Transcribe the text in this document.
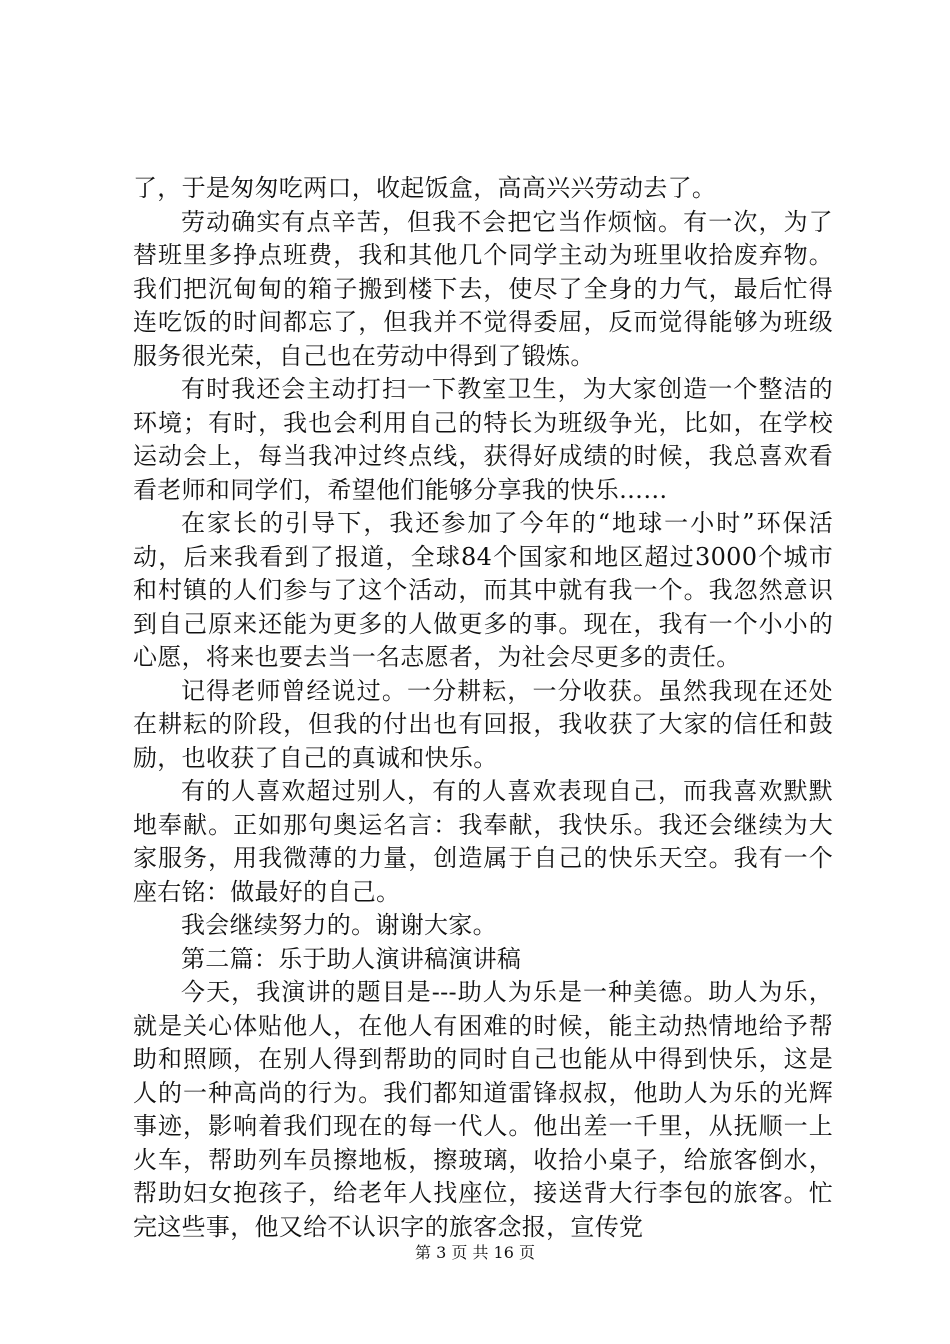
了，于是匆匆吃两口，收起饭盒，高高兴兴劳动去了。

劳动确实有点辛苦，但我不会把它当作烦恼。有一次，为了替班里多挣点班费，我和其他几个同学主动为班里收拾废弃物。我们把沉甸甸的箱子搬到楼下去，使尽了全身的力气，最后忙得连吃饭的时间都忘了，但我并不觉得委屈，反而觉得能够为班级服务很光荣，自己也在劳动中得到了锻炼。

有时我还会主动打扫一下教室卫生，为大家创造一个整洁的环境；有时，我也会利用自己的特长为班级争光，比如，在学校运动会上，每当我冲过终点线，获得好成绩的时候，我总喜欢看看老师和同学们，希望他们能够分享我的快乐……

在家长的引导下，我还参加了今年的“地球一小时”环保活动，后来我看到了报道，全球84个国家和地区超过3000个城市和村镇的人们参与了这个活动，而其中就有我一个。我忽然意识到自己原来还能为更多的人做更多的事。现在，我有一个小小的心愿，将来也要去当一名志愿者，为社会尽更多的责任。

记得老师曾经说过。一分耕耘，一分收获。虽然我现在还处在耕耘的阶段，但我的付出也有回报，我收获了大家的信任和鼓励，也收获了自己的真诚和快乐。

有的人喜欢超过别人，有的人喜欢表现自己，而我喜欢默默地奉献。正如那句奥运名言：我奉献，我快乐。我还会继续为大家服务，用我微薄的力量，创造属于自己的快乐天空。我有一个座右铭：做最好的自己。

我会继续努力的。谢谢大家。

第二篇：乐于助人演讲稿演讲稿

今天，我演讲的题目是---助人为乐是一种美德。助人为乐，就是关心体贴他人，在他人有困难的时候，能主动热情地给予帮助和照顾，在别人得到帮助的同时自己也能从中得到快乐，这是人的一种高尚的行为。我们都知道雷锋叔叔，他助人为乐的光辉事迹，影响着我们现在的每一代人。他出差一千里，从抚顺一上火车，帮助列车员擦地板，擦玻璃，收拾小桌子，给旅客倒水，帮助妇女抱孩子，给老年人找座位，接送背大行李包的旅客。忙完这些事，他又给不认识字的旅客念报，宣传党

第 3 页 共 16 页
